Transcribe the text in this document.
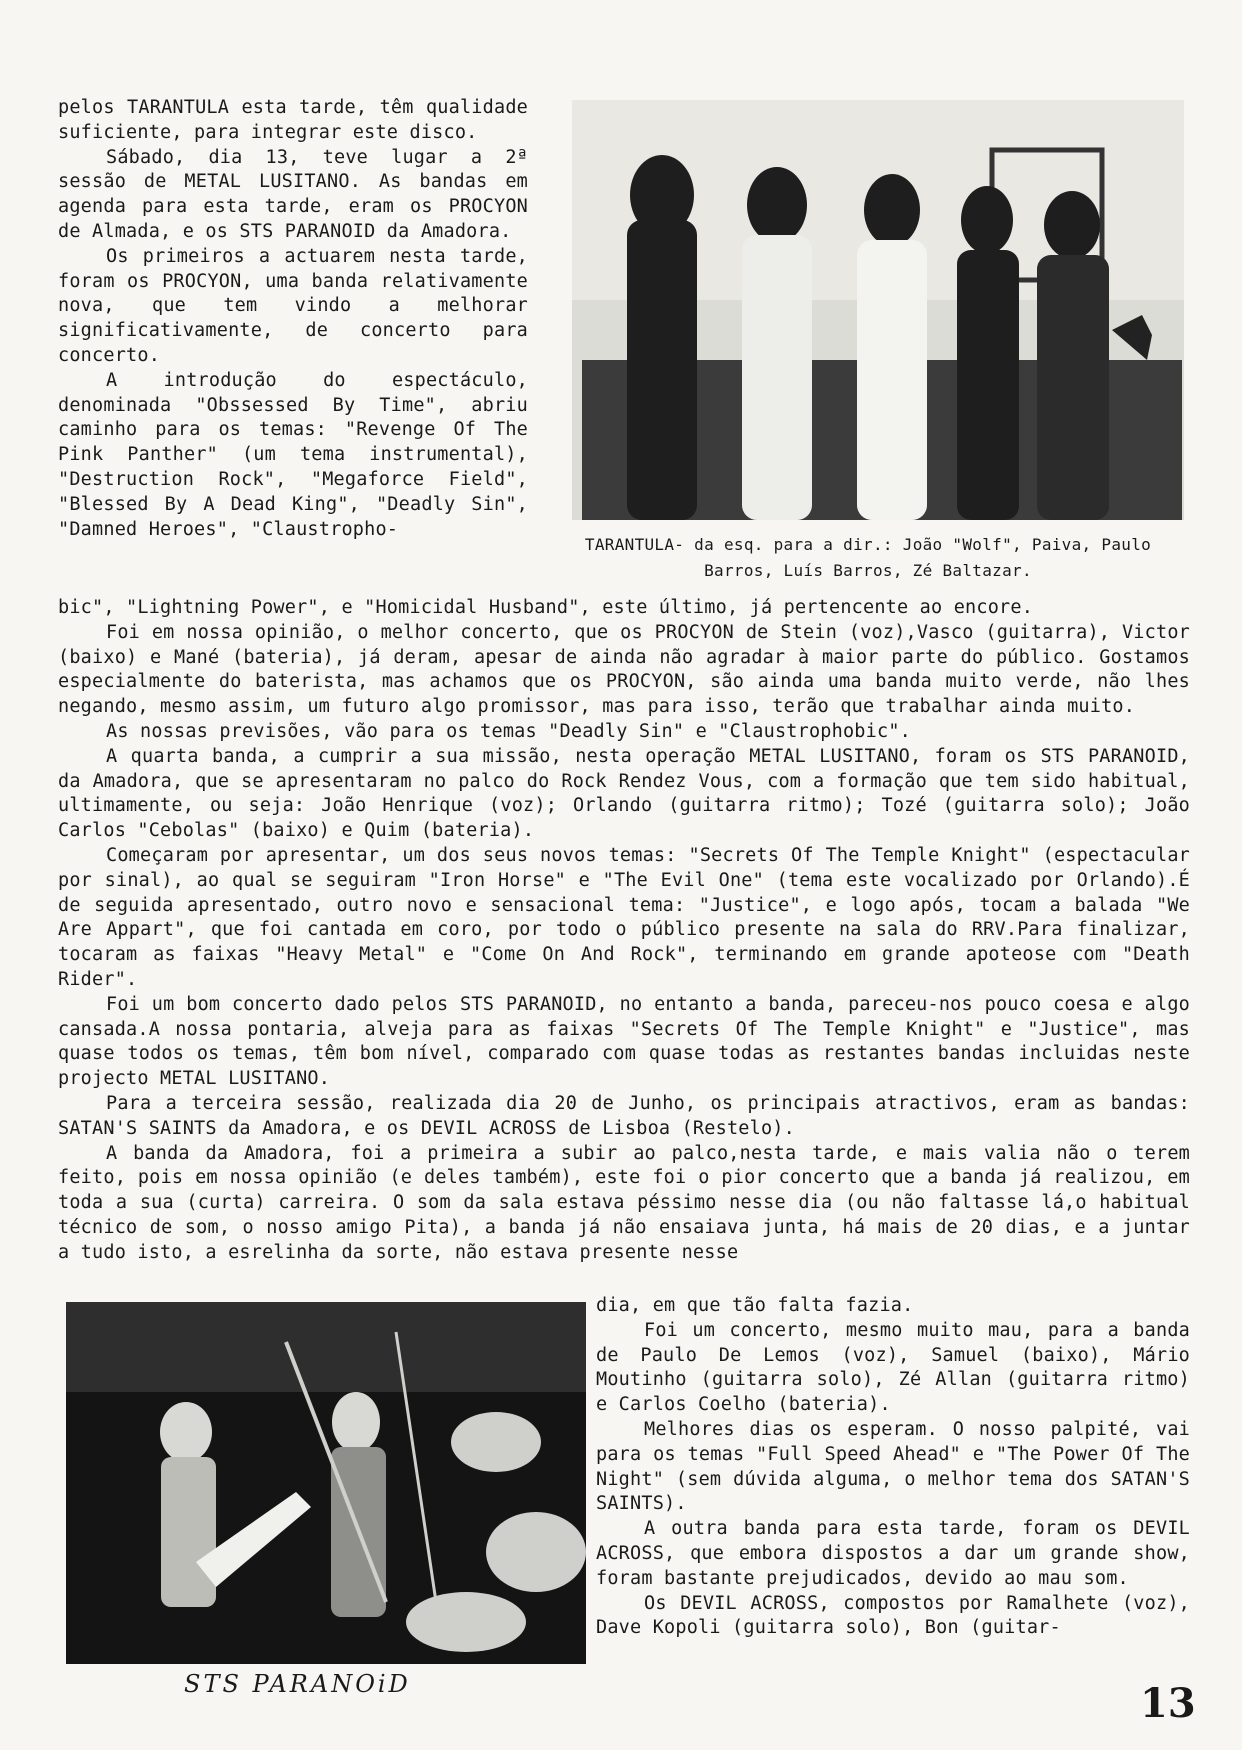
pelos TARANTULA esta tarde, têm qualidade suficiente, para integrar este disco.

Sábado, dia 13, teve lugar a 2ª sessão de METAL LUSITANO. As bandas em agenda para esta tarde, eram os PROCYON de Almada, e os STS PARANOID da Amadora.

Os primeiros a actuarem nesta tarde, foram os PROCYON, uma banda relativamente nova, que tem vindo a melhorar significativamente, de concerto para concerto.

A introdução do espectáculo, denominada "Obssessed By Time", abriu caminho para os temas: "Revenge Of The Pink Panther" (um tema instrumental), "Destruction Rock", "Megaforce Field", "Blessed By A Dead King", "Deadly Sin", "Damned Heroes", "Claustropho-

TARANTULA- da esq. para a dir.: João "Wolf", Paiva, Paulo
Barros, Luís Barros, Zé Baltazar.

bic", "Lightning Power", e "Homicidal Husband", este último, já pertencente ao encore.

Foi em nossa opinião, o melhor concerto, que os PROCYON de Stein (voz),Vasco (guitarra), Victor (baixo) e Mané (bateria), já deram, apesar de ainda não agradar à maior parte do público. Gostamos especialmente do baterista, mas achamos que os PROCYON, são ainda uma banda muito verde, não lhes negando, mesmo assim, um futuro algo promissor, mas para isso, terão que trabalhar ainda muito.

As nossas previsões, vão para os temas "Deadly Sin" e "Claustrophobic".

A quarta banda, a cumprir a sua missão, nesta operação METAL LUSITANO, foram os STS PARANOID, da Amadora, que se apresentaram no palco do Rock Rendez Vous, com a formação que tem sido habitual, ultimamente, ou seja: João Henrique (voz); Orlando (guitarra ritmo); Tozé (guitarra solo); João Carlos "Cebolas" (baixo) e Quim (bateria).

Começaram por apresentar, um dos seus novos temas: "Secrets Of The Temple Knight" (espectacular por sinal), ao qual se seguiram "Iron Horse" e "The Evil One" (tema este vocalizado por Orlando).É de seguida apresentado, outro novo e sensacional tema: "Justice", e logo após, tocam a balada "We Are Appart", que foi cantada em coro, por todo o público presente na sala do RRV.Para finalizar, tocaram as faixas "Heavy Metal" e "Come On And Rock", terminando em grande apoteose com "Death Rider".

Foi um bom concerto dado pelos STS PARANOID, no entanto a banda, pareceu-nos pouco coesa e algo cansada.A nossa pontaria, alveja para as faixas "Secrets Of The Temple Knight" e "Justice", mas quase todos os temas, têm bom nível, comparado com quase todas as restantes bandas incluidas neste projecto METAL LUSITANO.

Para a terceira sessão, realizada dia 20 de Junho, os principais atractivos, eram as bandas: SATAN'S SAINTS da Amadora, e os DEVIL ACROSS de Lisboa (Restelo).

A banda da Amadora, foi a primeira a subir ao palco,nesta tarde, e mais valia não o terem feito, pois em nossa opinião (e deles também), este foi o pior concerto que a banda já realizou, em toda a sua (curta) carreira. O som da sala estava péssimo nesse dia (ou não faltasse lá,o habitual técnico de som, o nosso amigo Pita), a banda já não ensaiava junta, há mais de 20 dias, e a juntar a tudo isto, a esrelinha da sorte, não estava presente nesse

STS PARANOiD

dia, em que tão falta fazia.

Foi um concerto, mesmo muito mau, para a banda de Paulo De Lemos (voz), Samuel (baixo), Mário Moutinho (guitarra solo), Zé Allan (guitarra ritmo) e Carlos Coelho (bateria).

Melhores dias os esperam. O nosso palpité, vai para os temas "Full Speed Ahead" e "The Power Of The Night" (sem dúvida alguma, o melhor tema dos SATAN'S SAINTS).

A outra banda para esta tarde, foram os DEVIL ACROSS, que embora dispostos a dar um grande show, foram bastante prejudicados, devido ao mau som.

Os DEVIL ACROSS, compostos por Ramalhete (voz), Dave Kopoli (guitarra solo), Bon (guitar-

13
